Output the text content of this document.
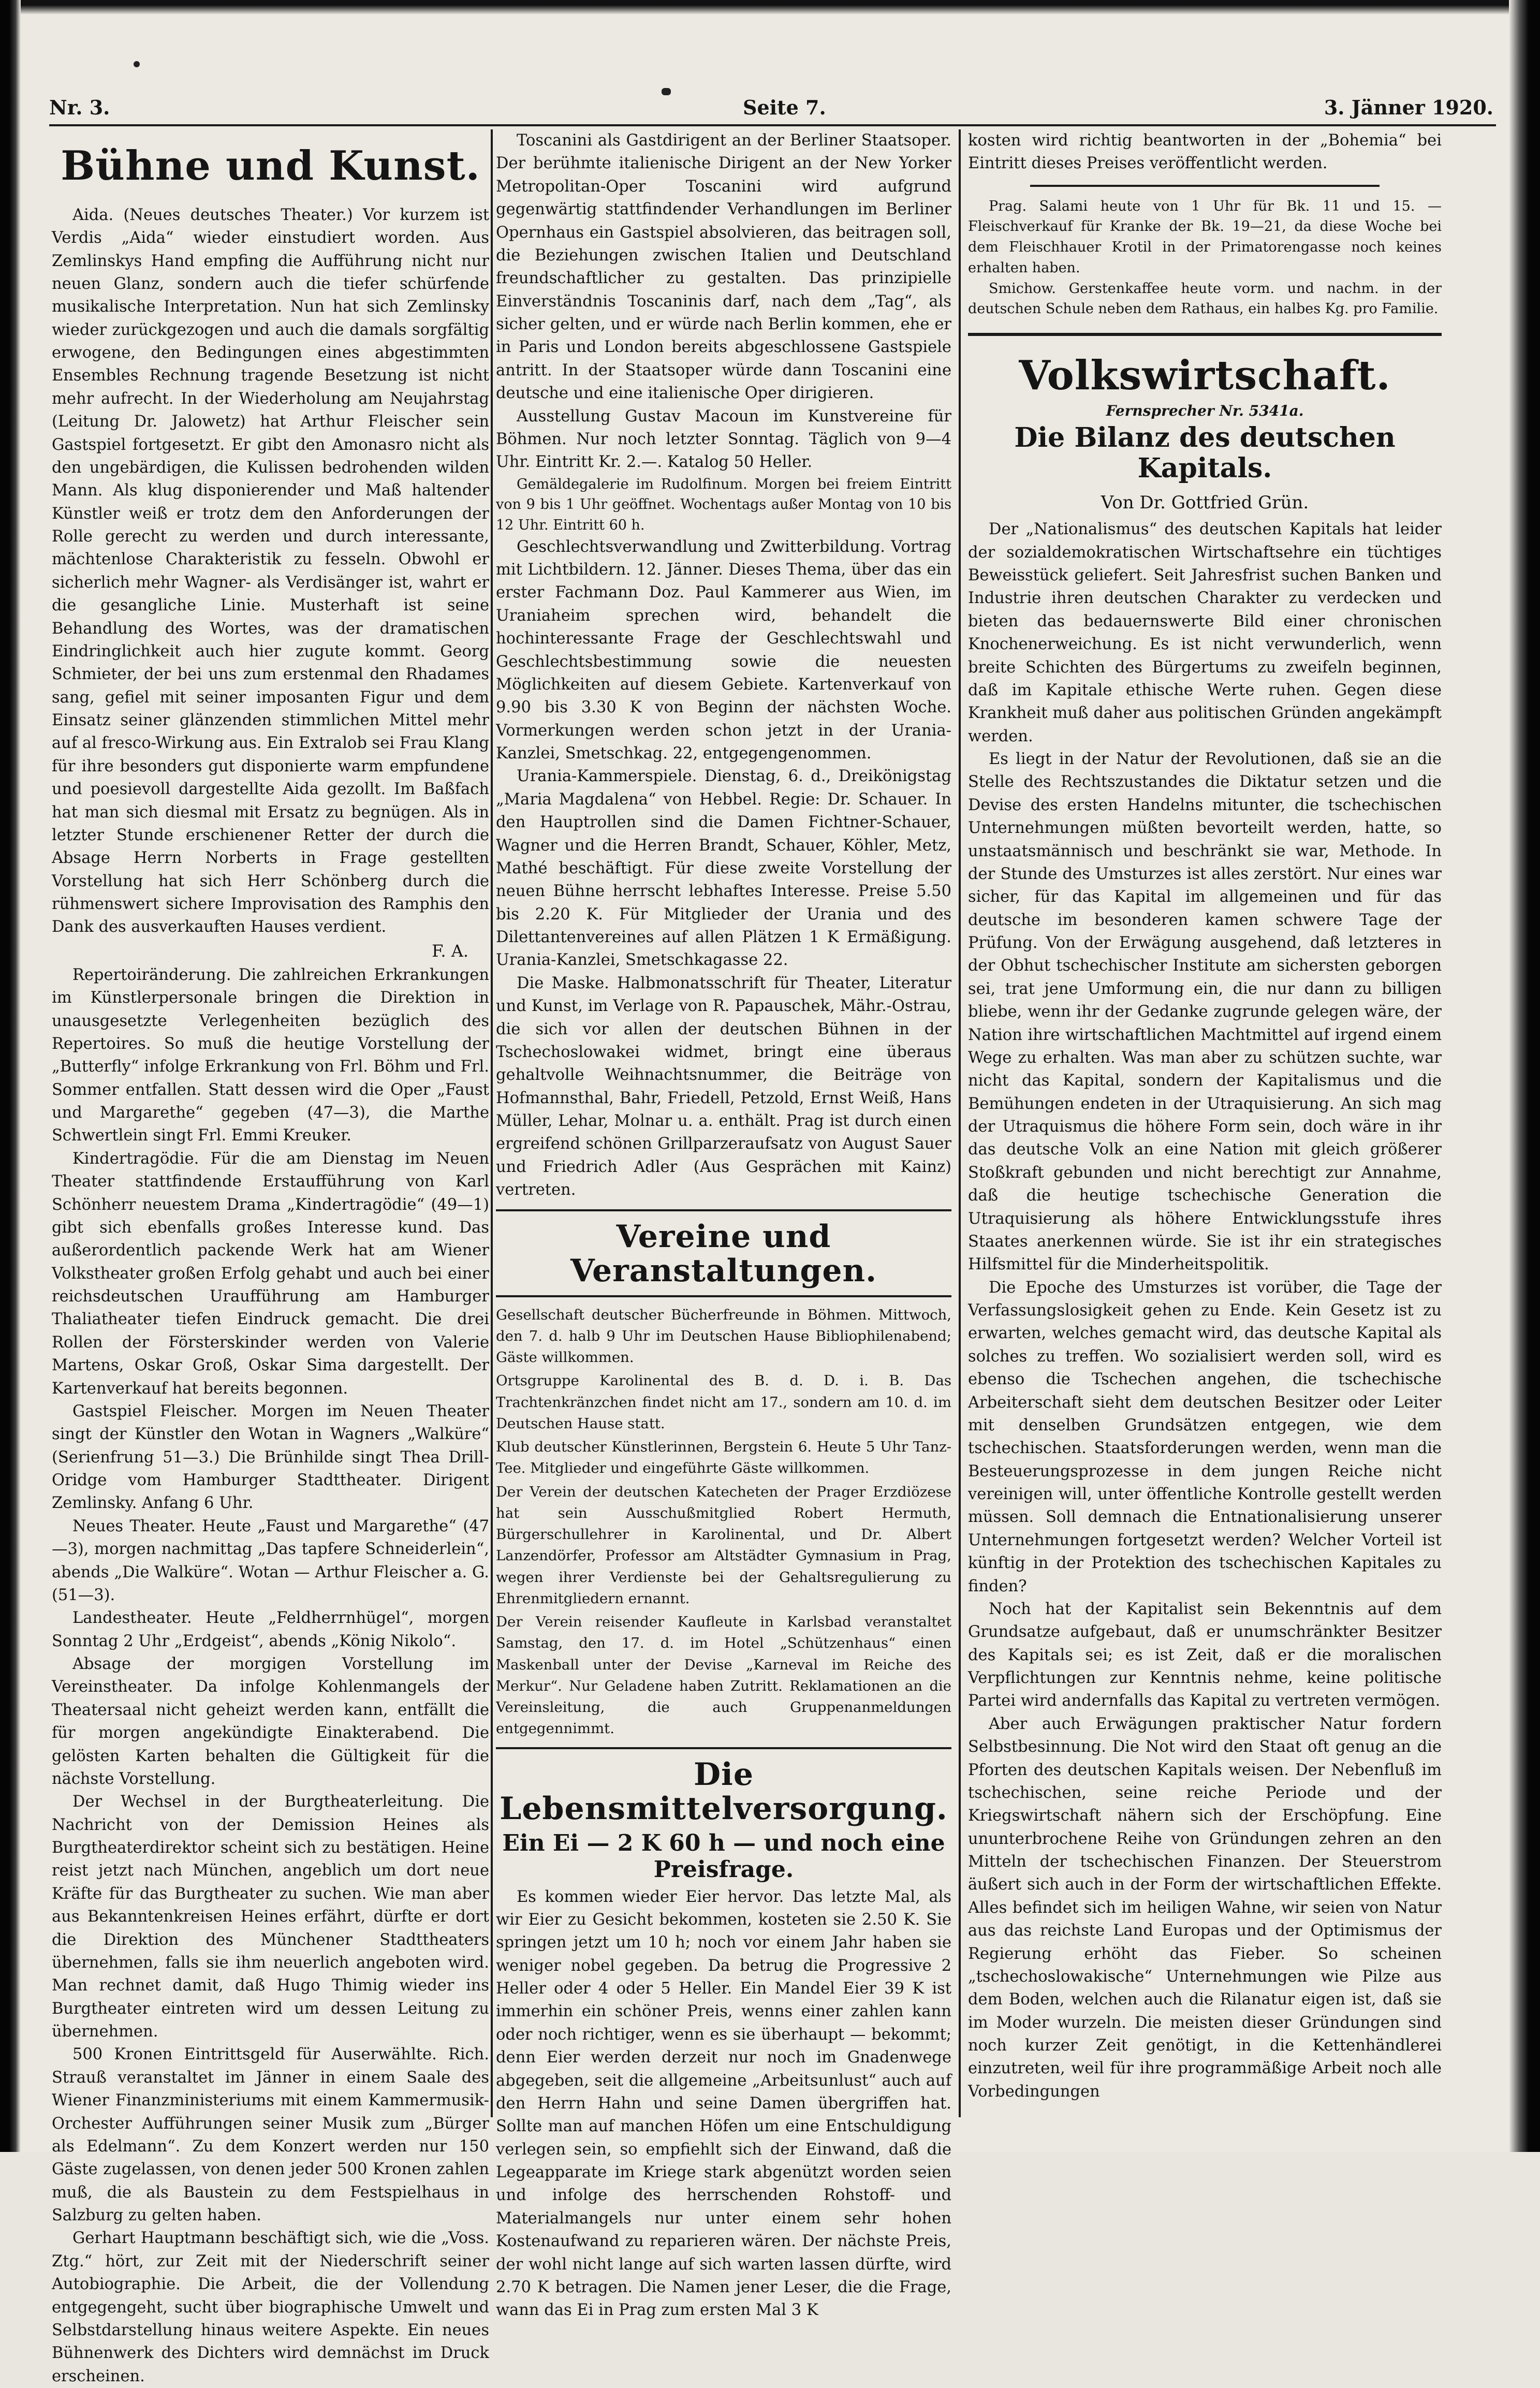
Nr. 3.	Seite 7.	3. Jänner 1920.
Bühne und Kunst.

Aida. (Neues deutsches Theater.) Vor kurzem ist Verdis „Aida“ wieder einstudiert worden. Aus Zemlinskys Hand empfing die Aufführung nicht nur neuen Glanz, sondern auch die tiefer schürfende musikalische Interpretation. Nun hat sich Zemlinsky wieder zurückgezogen und auch die damals sorgfältig erwogene, den Bedingungen eines abgestimmten Ensembles Rechnung tragende Besetzung ist nicht mehr aufrecht. In der Wiederholung am Neujahrstag (Leitung Dr. Jalowetz) hat Arthur Fleischer sein Gastspiel fortgesetzt. Er gibt den Amonasro nicht als den ungebärdigen, die Kulissen bedrohenden wilden Mann. Als klug disponierender und Maß haltender Künstler weiß er trotz dem den Anforderungen der Rolle gerecht zu werden und durch interessante, mächtenlose Charakteristik zu fesseln. Obwohl er sicherlich mehr Wagner- als Verdisänger ist, wahrt er die gesangliche Linie. Musterhaft ist seine Behandlung des Wortes, was der dramatischen Eindringlichkeit auch hier zugute kommt. Georg Schmieter, der bei uns zum erstenmal den Rhadames sang, gefiel mit seiner imposanten Figur und dem Einsatz seiner glänzenden stimmlichen Mittel mehr auf al fresco-Wirkung aus. Ein Extralob sei Frau Klang für ihre besonders gut disponierte warm empfundene und poesievoll dargestellte Aida gezollt. Im Baßfach hat man sich diesmal mit Ersatz zu begnügen. Als in letzter Stunde erschienener Retter der durch die Absage Herrn Norberts in Frage gestellten Vorstellung hat sich Herr Schönberg durch die rühmenswert sichere Improvisation des Ramphis den Dank des ausverkauften Hauses verdient.

F. A.

Repertoiränderung. Die zahlreichen Erkrankungen im Künstlerpersonale bringen die Direktion in unausgesetzte Verlegenheiten bezüglich des Repertoires. So muß die heutige Vorstellung der „Butterfly“ infolge Erkrankung von Frl. Böhm und Frl. Sommer entfallen. Statt dessen wird die Oper „Faust und Margarethe“ gegeben (47—3), die Marthe Schwertlein singt Frl. Emmi Kreuker.

Kindertragödie. Für die am Dienstag im Neuen Theater stattfindende Erstaufführung von Karl Schönherr neuestem Drama „Kindertragödie“ (49—1) gibt sich ebenfalls großes Interesse kund. Das außerordentlich packende Werk hat am Wiener Volkstheater großen Erfolg gehabt und auch bei einer reichsdeutschen Uraufführung am Hamburger Thaliatheater tiefen Eindruck gemacht. Die drei Rollen der Försterskinder werden von Valerie Martens, Oskar Groß, Oskar Sima dargestellt. Der Kartenverkauf hat bereits begonnen.

Gastspiel Fleischer. Morgen im Neuen Theater singt der Künstler den Wotan in Wagners „Walküre“ (Serienfrung 51—3.) Die Brünhilde singt Thea Drill-Oridge vom Hamburger Stadttheater. Dirigent Zemlinsky. Anfang 6 Uhr.

Neues Theater. Heute „Faust und Margarethe“ (47—3), morgen nachmittag „Das tapfere Schneiderlein“, abends „Die Walküre“. Wotan — Arthur Fleischer a. G. (51—3).

Landestheater. Heute „Feldherrnhügel“, morgen Sonntag 2 Uhr „Erdgeist“, abends „König Nikolo“.

Absage der morgigen Vorstellung im Vereinstheater. Da infolge Kohlenmangels der Theatersaal nicht geheizt werden kann, entfällt die für morgen angekündigte Einakterabend. Die gelösten Karten behalten die Gültigkeit für die nächste Vorstellung.

Der Wechsel in der Burgtheaterleitung. Die Nachricht von der Demission Heines als Burgtheaterdirektor scheint sich zu bestätigen. Heine reist jetzt nach München, angeblich um dort neue Kräfte für das Burgtheater zu suchen. Wie man aber aus Bekanntenkreisen Heines erfährt, dürfte er dort die Direktion des Münchener Stadttheaters übernehmen, falls sie ihm neuerlich angeboten wird. Man rechnet damit, daß Hugo Thimig wieder ins Burgtheater eintreten wird um dessen Leitung zu übernehmen.

500 Kronen Eintrittsgeld für Auserwählte. Rich. Strauß veranstaltet im Jänner in einem Saale des Wiener Finanzministeriums mit einem Kammermusik-Orchester Aufführungen seiner Musik zum „Bürger als Edelmann“. Zu dem Konzert werden nur 150 Gäste zugelassen, von denen jeder 500 Kronen zahlen muß, die als Baustein zu dem Festspielhaus in Salzburg zu gelten haben.

Gerhart Hauptmann beschäftigt sich, wie die „Voss. Ztg.“ hört, zur Zeit mit der Niederschrift seiner Autobiographie. Die Arbeit, die der Vollendung entgegengeht, sucht über biographische Umwelt und Selbstdarstellung hinaus weitere Aspekte. Ein neues Bühnenwerk des Dichters wird demnächst im Druck erscheinen.

Toscanini als Gastdirigent an der Berliner Staatsoper. Der berühmte italienische Dirigent an der New Yorker Metropolitan-Oper Toscanini wird aufgrund gegenwärtig stattfindender Verhandlungen im Berliner Opernhaus ein Gastspiel absolvieren, das beitragen soll, die Beziehungen zwischen Italien und Deutschland freundschaftlicher zu gestalten. Das prinzipielle Einverständnis Toscaninis darf, nach dem „Tag“, als sicher gelten, und er würde nach Berlin kommen, ehe er in Paris und London bereits abgeschlossene Gastspiele antritt. In der Staatsoper würde dann Toscanini eine deutsche und eine italienische Oper dirigieren.

Ausstellung Gustav Macoun im Kunstvereine für Böhmen. Nur noch letzter Sonntag. Täglich von 9—4 Uhr. Eintritt Kr. 2.—. Katalog 50 Heller.

Gemäldegalerie im Rudolfinum. Morgen bei freiem Eintritt von 9 bis 1 Uhr geöffnet. Wochentags außer Montag von 10 bis 12 Uhr. Eintritt 60 h.

Geschlechtsverwandlung und Zwitterbildung. Vortrag mit Lichtbildern. 12. Jänner. Dieses Thema, über das ein erster Fachmann Doz. Paul Kammerer aus Wien, im Uraniaheim sprechen wird, behandelt die hochinteressante Frage der Geschlechtswahl und Geschlechtsbestimmung sowie die neuesten Möglichkeiten auf diesem Gebiete. Kartenverkauf von 9.90 bis 3.30 K von Beginn der nächsten Woche. Vormerkungen werden schon jetzt in der Urania-Kanzlei, Smetschkag. 22, entgegengenommen.

Urania-Kammerspiele. Dienstag, 6. d., Dreikönigstag „Maria Magdalena“ von Hebbel. Regie: Dr. Schauer. In den Hauptrollen sind die Damen Fichtner-Schauer, Wagner und die Herren Brandt, Schauer, Köhler, Metz, Mathé beschäftigt. Für diese zweite Vorstellung der neuen Bühne herrscht lebhaftes Interesse. Preise 5.50 bis 2.20 K. Für Mitglieder der Urania und des Dilettantenvereines auf allen Plätzen 1 K Ermäßigung. Urania-Kanzlei, Smetschkagasse 22.

Die Maske. Halbmonatsschrift für Theater, Literatur und Kunst, im Verlage von R. Papauschek, Mähr.-Ostrau, die sich vor allen der deutschen Bühnen in der Tschechoslowakei widmet, bringt eine überaus gehaltvolle Weihnachtsnummer, die Beiträge von Hofmannsthal, Bahr, Friedell, Petzold, Ernst Weiß, Hans Müller, Lehar, Molnar u. a. enthält. Prag ist durch einen ergreifend schönen Grillparzeraufsatz von August Sauer und Friedrich Adler (Aus Gesprächen mit Kainz) vertreten.

Vereine und Veranstaltungen.

Gesellschaft deutscher Bücherfreunde in Böhmen. Mittwoch, den 7. d. halb 9 Uhr im Deutschen Hause Bibliophilenabend; Gäste willkommen.

Ortsgruppe Karolinental des B. d. D. i. B. Das Trachtenkränzchen findet nicht am 17., sondern am 10. d. im Deutschen Hause statt.

Klub deutscher Künstlerinnen, Bergstein 6. Heute 5 Uhr Tanz-Tee. Mitglieder und eingeführte Gäste willkommen.

Der Verein der deutschen Katecheten der Prager Erzdiözese hat sein Ausschußmitglied Robert Hermuth, Bürgerschullehrer in Karolinental, und Dr. Albert Lanzendörfer, Professor am Altstädter Gymnasium in Prag, wegen ihrer Verdienste bei der Gehaltsregulierung zu Ehrenmitgliedern ernannt.

Der Verein reisender Kaufleute in Karlsbad veranstaltet Samstag, den 17. d. im Hotel „Schützenhaus“ einen Maskenball unter der Devise „Karneval im Reiche des Merkur“. Nur Geladene haben Zutritt. Reklamationen an die Vereinsleitung, die auch Gruppenanmeldungen entgegennimmt.

Die Lebensmittelversorgung.
Ein Ei — 2 K 60 h — und noch eine Preisfrage.

Es kommen wieder Eier hervor. Das letzte Mal, als wir Eier zu Gesicht bekommen, kosteten sie 2.50 K. Sie springen jetzt um 10 h; noch vor einem Jahr haben sie weniger nobel gegeben. Da betrug die Progressive 2 Heller oder 4 oder 5 Heller. Ein Mandel Eier 39 K ist immerhin ein schöner Preis, wenns einer zahlen kann oder noch richtiger, wenn es sie überhaupt — bekommt; denn Eier werden derzeit nur noch im Gnadenwege abgegeben, seit die allgemeine „Arbeitsunlust“ auch auf den Herrn Hahn und seine Damen übergriffen hat. Sollte man auf manchen Höfen um eine Entschuldigung verlegen sein, so empfiehlt sich der Einwand, daß die Legeapparate im Kriege stark abgenützt worden seien und infolge des herrschenden Rohstoff- und Materialmangels nur unter einem sehr hohen Kostenaufwand zu reparieren wären. Der nächste Preis, der wohl nicht lange auf sich warten lassen dürfte, wird 2.70 K betragen. Die Namen jener Leser, die die Frage, wann das Ei in Prag zum ersten Mal 3 K

kosten wird richtig beantworten in der „Bohemia“ bei Eintritt dieses Preises veröffentlicht werden.

Prag. Salami heute von 1 Uhr für Bk. 11 und 15. — Fleischverkauf für Kranke der Bk. 19—21, da diese Woche bei dem Fleischhauer Krotil in der Primatorengasse noch keines erhalten haben.

Smichow. Gerstenkaffee heute vorm. und nachm. in der deutschen Schule neben dem Rathaus, ein halbes Kg. pro Familie.

Volkswirtschaft.
Fernsprecher Nr. 5341a.
Die Bilanz des deutschen Kapitals.
Von Dr. Gottfried Grün.

Der „Nationalismus“ des deutschen Kapitals hat leider der sozialdemokratischen Wirtschaftsehre ein tüchtiges Beweisstück geliefert. Seit Jahresfrist suchen Banken und Industrie ihren deutschen Charakter zu verdecken und bieten das bedauernswerte Bild einer chronischen Knochenerweichung. Es ist nicht verwunderlich, wenn breite Schichten des Bürgertums zu zweifeln beginnen, daß im Kapitale ethische Werte ruhen. Gegen diese Krankheit muß daher aus politischen Gründen angekämpft werden.

Es liegt in der Natur der Revolutionen, daß sie an die Stelle des Rechtszustandes die Diktatur setzen und die Devise des ersten Handelns mitunter, die tschechischen Unternehmungen müßten bevorteilt werden, hatte, so unstaatsmännisch und beschränkt sie war, Methode. In der Stunde des Umsturzes ist alles zerstört. Nur eines war sicher, für das Kapital im allgemeinen und für das deutsche im besonderen kamen schwere Tage der Prüfung. Von der Erwägung ausgehend, daß letzteres in der Obhut tschechischer Institute am sichersten geborgen sei, trat jene Umformung ein, die nur dann zu billigen bliebe, wenn ihr der Gedanke zugrunde gelegen wäre, der Nation ihre wirtschaftlichen Machtmittel auf irgend einem Wege zu erhalten. Was man aber zu schützen suchte, war nicht das Kapital, sondern der Kapitalismus und die Bemühungen endeten in der Utraquisierung. An sich mag der Utraquismus die höhere Form sein, doch wäre in ihr das deutsche Volk an eine Nation mit gleich größerer Stoßkraft gebunden und nicht berechtigt zur Annahme, daß die heutige tschechische Generation die Utraquisierung als höhere Entwicklungsstufe ihres Staates anerkennen würde. Sie ist ihr ein strategisches Hilfsmittel für die Minderheitspolitik.

Die Epoche des Umsturzes ist vorüber, die Tage der Verfassungslosigkeit gehen zu Ende. Kein Gesetz ist zu erwarten, welches gemacht wird, das deutsche Kapital als solches zu treffen. Wo sozialisiert werden soll, wird es ebenso die Tschechen angehen, die tschechische Arbeiterschaft sieht dem deutschen Besitzer oder Leiter mit denselben Grundsätzen entgegen, wie dem tschechischen. Staatsforderungen werden, wenn man die Besteuerungsprozesse in dem jungen Reiche nicht vereinigen will, unter öffentliche Kontrolle gestellt werden müssen. Soll demnach die Entnationalisierung unserer Unternehmungen fortgesetzt werden? Welcher Vorteil ist künftig in der Protektion des tschechischen Kapitales zu finden?

Noch hat der Kapitalist sein Bekenntnis auf dem Grundsatze aufgebaut, daß er unumschränkter Besitzer des Kapitals sei; es ist Zeit, daß er die moralischen Verpflichtungen zur Kenntnis nehme, keine politische Partei wird andernfalls das Kapital zu vertreten vermögen.

Aber auch Erwägungen praktischer Natur fordern Selbstbesinnung. Die Not wird den Staat oft genug an die Pforten des deutschen Kapitals weisen. Der Nebenfluß im tschechischen, seine reiche Periode und der Kriegswirtschaft nähern sich der Erschöpfung. Eine ununterbrochene Reihe von Gründungen zehren an den Mitteln der tschechischen Finanzen. Der Steuerstrom äußert sich auch in der Form der wirtschaftlichen Effekte. Alles befindet sich im heiligen Wahne, wir seien von Natur aus das reichste Land Europas und der Optimismus der Regierung erhöht das Fieber. So scheinen „tschechoslowakische“ Unternehmungen wie Pilze aus dem Boden, welchen auch die Rilanatur eigen ist, daß sie im Moder wurzeln. Die meisten dieser Gründungen sind noch kurzer Zeit genötigt, in die Kettenhändlerei einzutreten, weil für ihre programmäßige Arbeit noch alle Vorbedingungen
